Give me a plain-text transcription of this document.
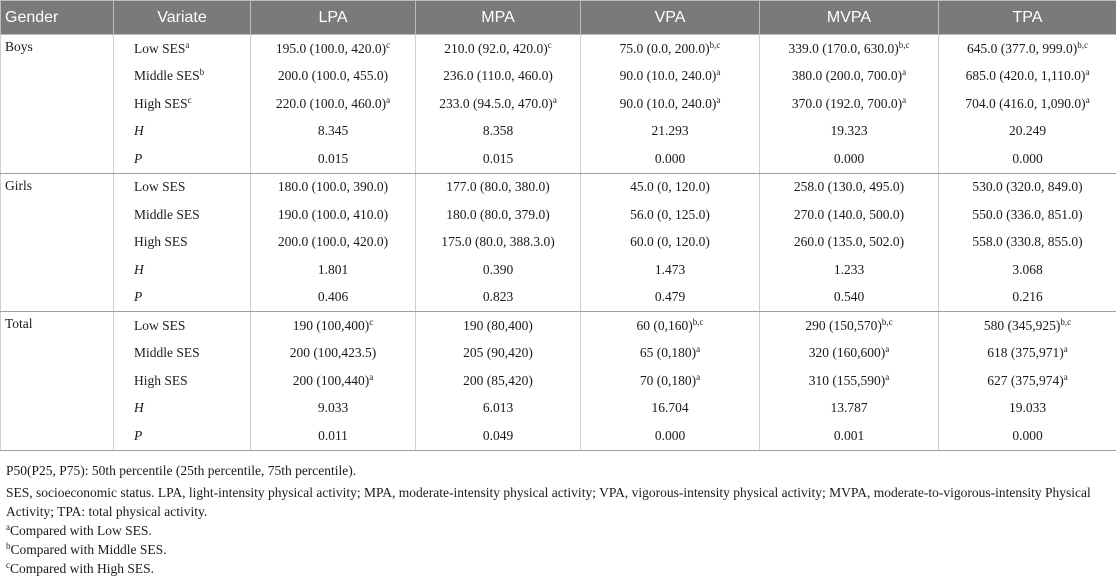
Gender	Variate	LPA	MPA	VPA	MVPA	TPA
Boys	Low SES$^a$	195.0 (100.0, 420.0)$^c$	210.0 (92.0, 420.0)$^c$	75.0 (0.0, 200.0)$^{b,c}$	339.0 (170.0, 630.0)$^{b,c}$	645.0 (377.0, 999.0)$^{b,c}$
	Middle SES$^b$	200.0 (100.0, 455.0)	236.0 (110.0, 460.0)	90.0 (10.0, 240.0)$^a$	380.0 (200.0, 700.0)$^a$	685.0 (420.0, 1,110.0)$^a$
	High SES$^c$	220.0 (100.0, 460.0)$^a$	233.0 (94.5.0, 470.0)$^a$	90.0 (10.0, 240.0)$^a$	370.0 (192.0, 700.0)$^a$	704.0 (416.0, 1,090.0)$^a$
	H	8.345	8.358	21.293	19.323	20.249
	P	0.015	0.015	0.000	0.000	0.000
Girls	Low SES	180.0 (100.0, 390.0)	177.0 (80.0, 380.0)	45.0 (0, 120.0)	258.0 (130.0, 495.0)	530.0 (320.0, 849.0)
	Middle SES	190.0 (100.0, 410.0)	180.0 (80.0, 379.0)	56.0 (0, 125.0)	270.0 (140.0, 500.0)	550.0 (336.0, 851.0)
	High SES	200.0 (100.0, 420.0)	175.0 (80.0, 388.3.0)	60.0 (0, 120.0)	260.0 (135.0, 502.0)	558.0 (330.8, 855.0)
	H	1.801	0.390	1.473	1.233	3.068
	P	0.406	0.823	0.479	0.540	0.216
Total	Low SES	190 $(100,400)^c$	190 (80,400)	60 $(0,160)^{b,c}$	290 $(150,570)^{b,c}$	580 $(345,925)^{b,c}$
	Middle SES	200 (100,423.5)	205 (90,420)	65 $(0,180)^a$	320 $(160,600)^a$	618 $(375,971)^a$
	High SES	200 $(100,440)^a$	200 (85,420)	70 $(0,180)^a$	310 $(155,590)^a$	627 $(375,974)^a$
	H	9.033	6.013	16.704	13.787	19.033
	P	0.011	0.049	0.000	0.001	0.000

P50(P25, P75): 50th percentile (25th percentile, 75th percentile).

SES, socioeconomic status. LPA, light-intensity physical activity; MPA, moderate-intensity physical activity; VPA, vigorous-intensity physical activity; MVPA, moderate-to-vigorous-intensity Physical Activity; TPA: total physical activity.

$^a$Compared with Low SES.

$^b$Compared with Middle SES.

$^c$Compared with High SES.
